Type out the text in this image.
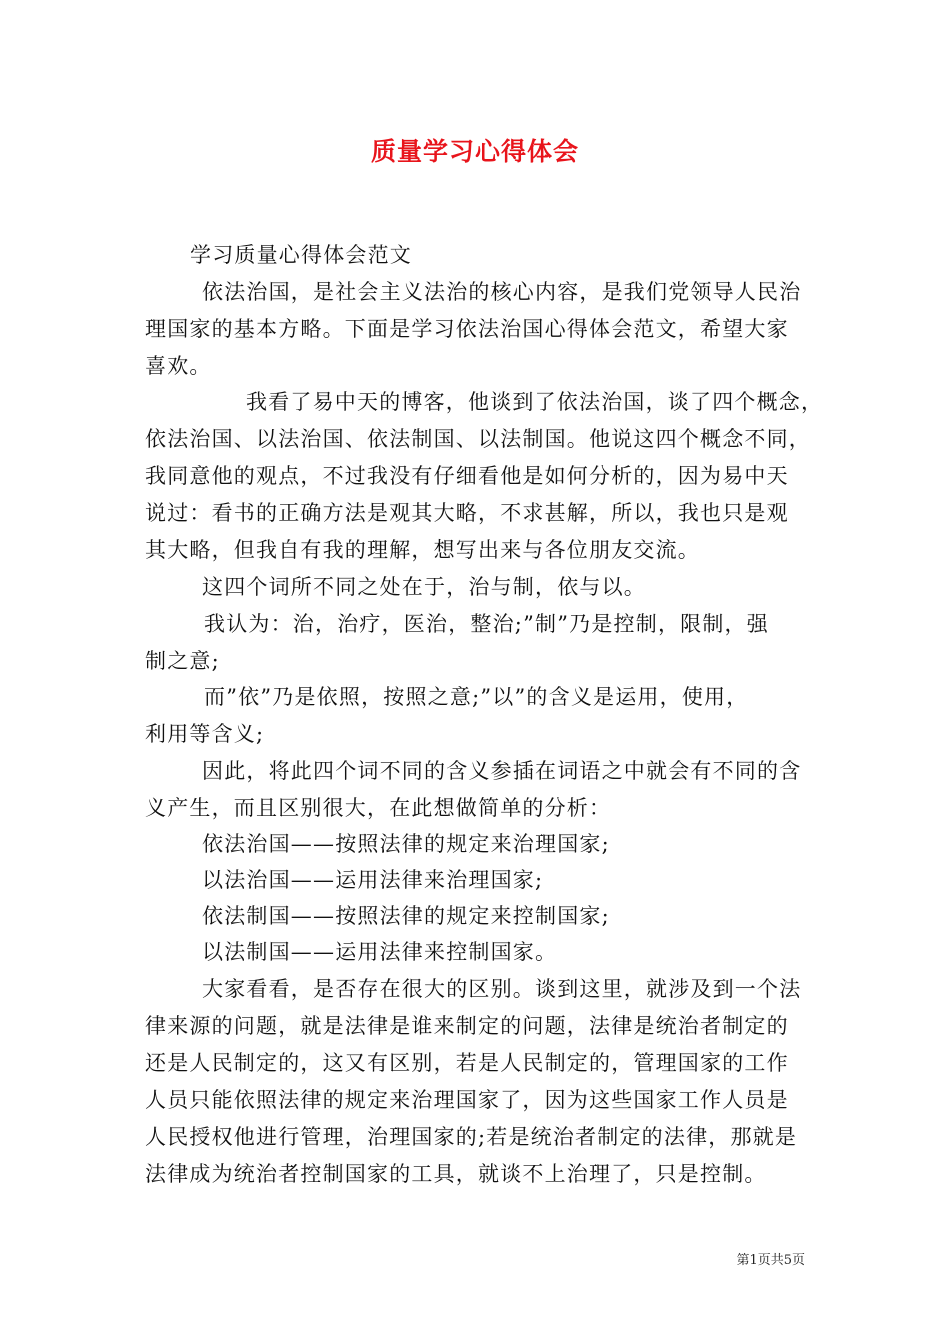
质量学习心得体会
学习质量心得体会范文
依法治国，是社会主义法治的核心内容，是我们党领导人民治
理国家的基本方略。下面是学习依法治国心得体会范文，希望大家
喜欢。
我看了易中天的博客，他谈到了依法治国，谈了四个概念，
依法治国、以法治国、依法制国、以法制国。他说这四个概念不同，
我同意他的观点，不过我没有仔细看他是如何分析的，因为易中天
说过：看书的正确方法是观其大略，不求甚解，所以，我也只是观
其大略，但我自有我的理解，想写出来与各位朋友交流。
这四个词所不同之处在于，治与制，依与以。
我认为：治，治疗，医治，整治;”制”乃是控制，限制，强
制之意;
而”依”乃是依照，按照之意;”以”的含义是运用，使用，
利用等含义;
因此，将此四个词不同的含义参插在词语之中就会有不同的含
义产生，而且区别很大，在此想做简单的分析：
依法治国——按照法律的规定来治理国家;
以法治国——运用法律来治理国家;
依法制国——按照法律的规定来控制国家;
以法制国——运用法律来控制国家。
大家看看，是否存在很大的区别。谈到这里，就涉及到一个法
律来源的问题，就是法律是谁来制定的问题，法律是统治者制定的
还是人民制定的，这又有区别，若是人民制定的，管理国家的工作
人员只能依照法律的规定来治理国家了，因为这些国家工作人员是
人民授权他进行管理，治理国家的;若是统治者制定的法律，那就是
法律成为统治者控制国家的工具，就谈不上治理了，只是控制。
第1页共5页
